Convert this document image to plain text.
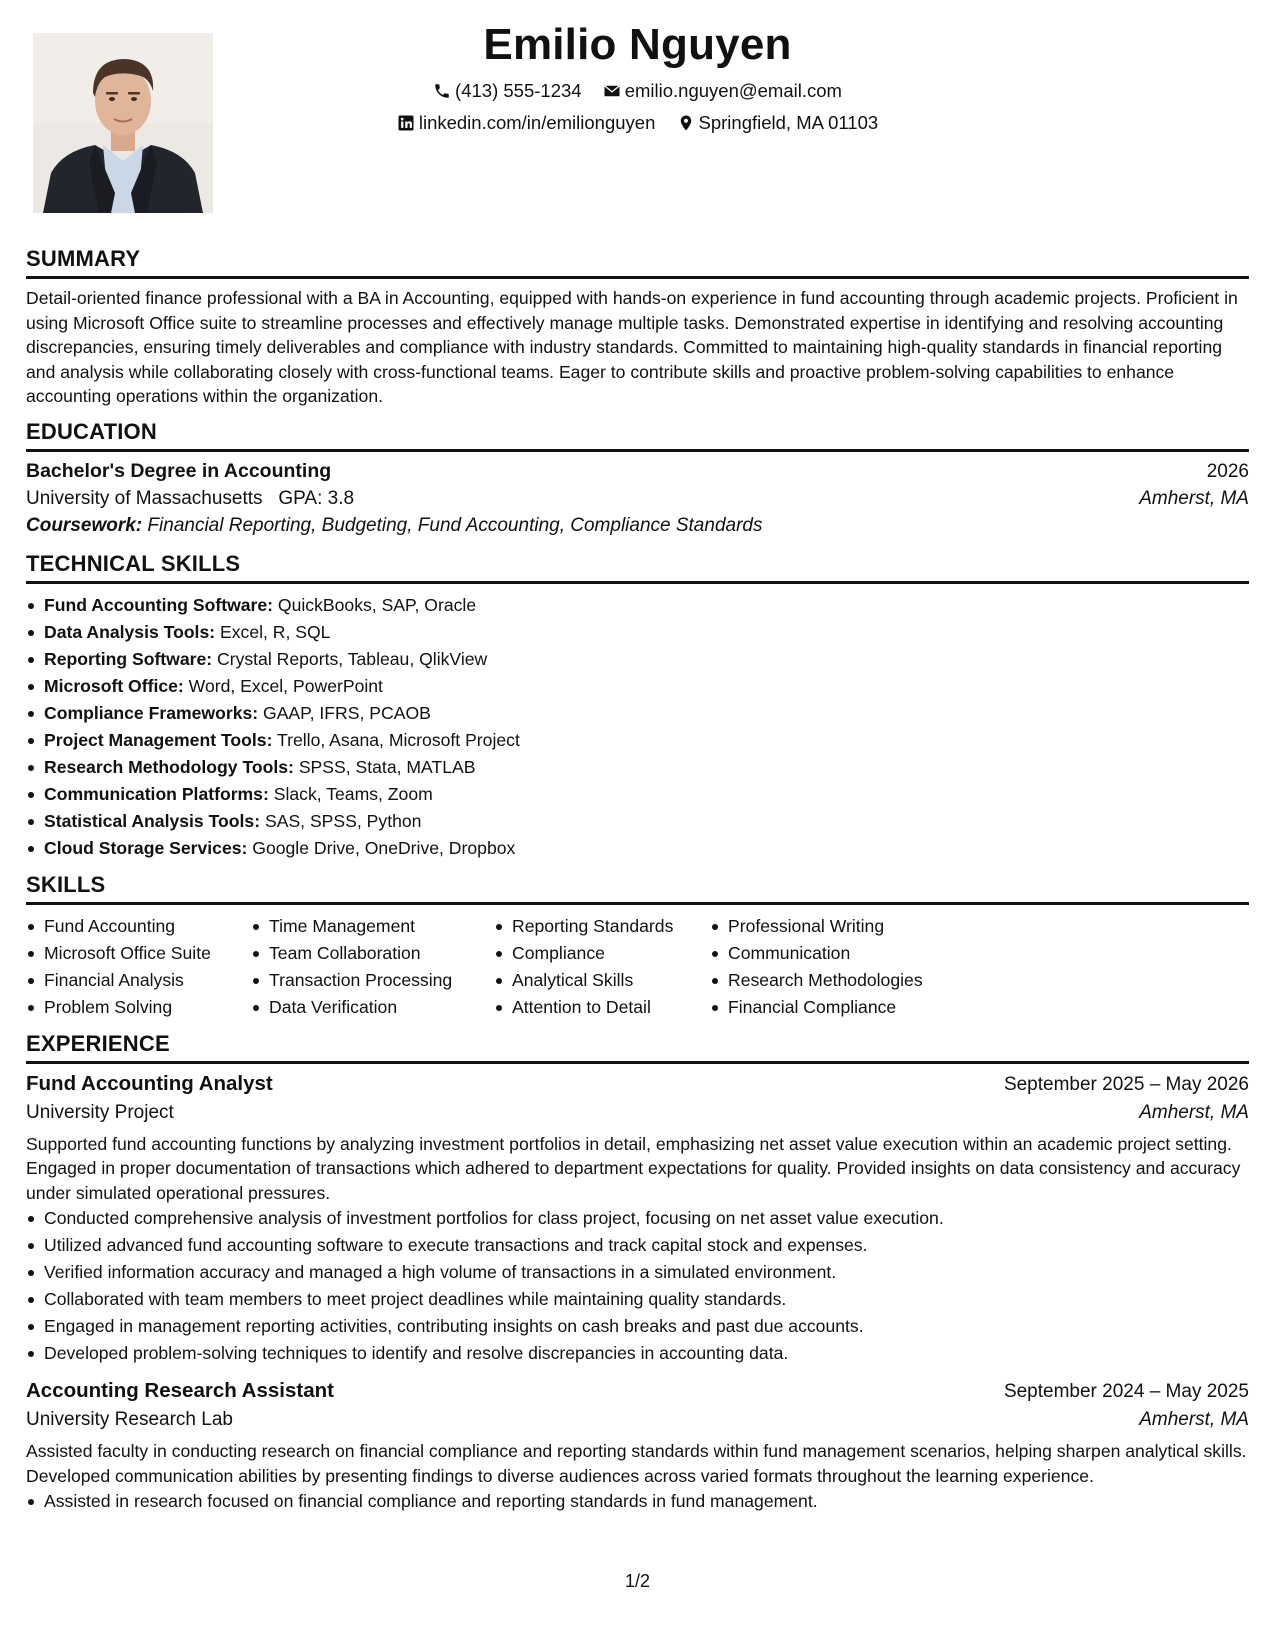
Emilio Nguyen
(413) 555-1234
emilio.nguyen@email.com
linkedin.com/in/emilionguyen
Springfield, MA 01103
SUMMARY

Detail-oriented finance professional with a BA in Accounting, equipped with hands-on experience in fund accounting through academic projects. Proficient in using Microsoft Office suite to streamline processes and effectively manage multiple tasks. Demonstrated expertise in identifying and resolving accounting discrepancies, ensuring timely deliverables and compliance with industry standards. Committed to maintaining high-quality standards in financial reporting and analysis while collaborating closely with cross-functional teams. Eager to contribute skills and proactive problem-solving capabilities to enhance accounting operations within the organization.

EDUCATION
Bachelor's Degree in Accounting	2026
University of Massachusetts GPA: 3.8	Amherst, MA
Coursework: Financial Reporting, Budgeting, Fund Accounting, Compliance Standards
TECHNICAL SKILLS
Fund Accounting Software: QuickBooks, SAP, Oracle
Data Analysis Tools: Excel, R, SQL
Reporting Software: Crystal Reports, Tableau, QlikView
Microsoft Office: Word, Excel, PowerPoint
Compliance Frameworks: GAAP, IFRS, PCAOB
Project Management Tools: Trello, Asana, Microsoft Project
Research Methodology Tools: SPSS, Stata, MATLAB
Communication Platforms: Slack, Teams, Zoom
Statistical Analysis Tools: SAS, SPSS, Python
Cloud Storage Services: Google Drive, OneDrive, Dropbox
SKILLS
Fund Accounting
Microsoft Office Suite
Financial Analysis
Problem Solving
Time Management
Team Collaboration
Transaction Processing
Data Verification
Reporting Standards
Compliance
Analytical Skills
Attention to Detail
Professional Writing
Communication
Research Methodologies
Financial Compliance
EXPERIENCE
Fund Accounting Analyst	September 2025 – May 2026
University Project	Amherst, MA

Supported fund accounting functions by analyzing investment portfolios in detail, emphasizing net asset value execution within an academic project setting. Engaged in proper documentation of transactions which adhered to department expectations for quality. Provided insights on data consistency and accuracy under simulated operational pressures.

Conducted comprehensive analysis of investment portfolios for class project, focusing on net asset value execution.
Utilized advanced fund accounting software to execute transactions and track capital stock and expenses.
Verified information accuracy and managed a high volume of transactions in a simulated environment.
Collaborated with team members to meet project deadlines while maintaining quality standards.
Engaged in management reporting activities, contributing insights on cash breaks and past due accounts.
Developed problem-solving techniques to identify and resolve discrepancies in accounting data.
Accounting Research Assistant	September 2024 – May 2025
University Research Lab	Amherst, MA

Assisted faculty in conducting research on financial compliance and reporting standards within fund management scenarios, helping sharpen analytical skills. Developed communication abilities by presenting findings to diverse audiences across varied formats throughout the learning experience.

Assisted in research focused on financial compliance and reporting standards in fund management.
1/2
